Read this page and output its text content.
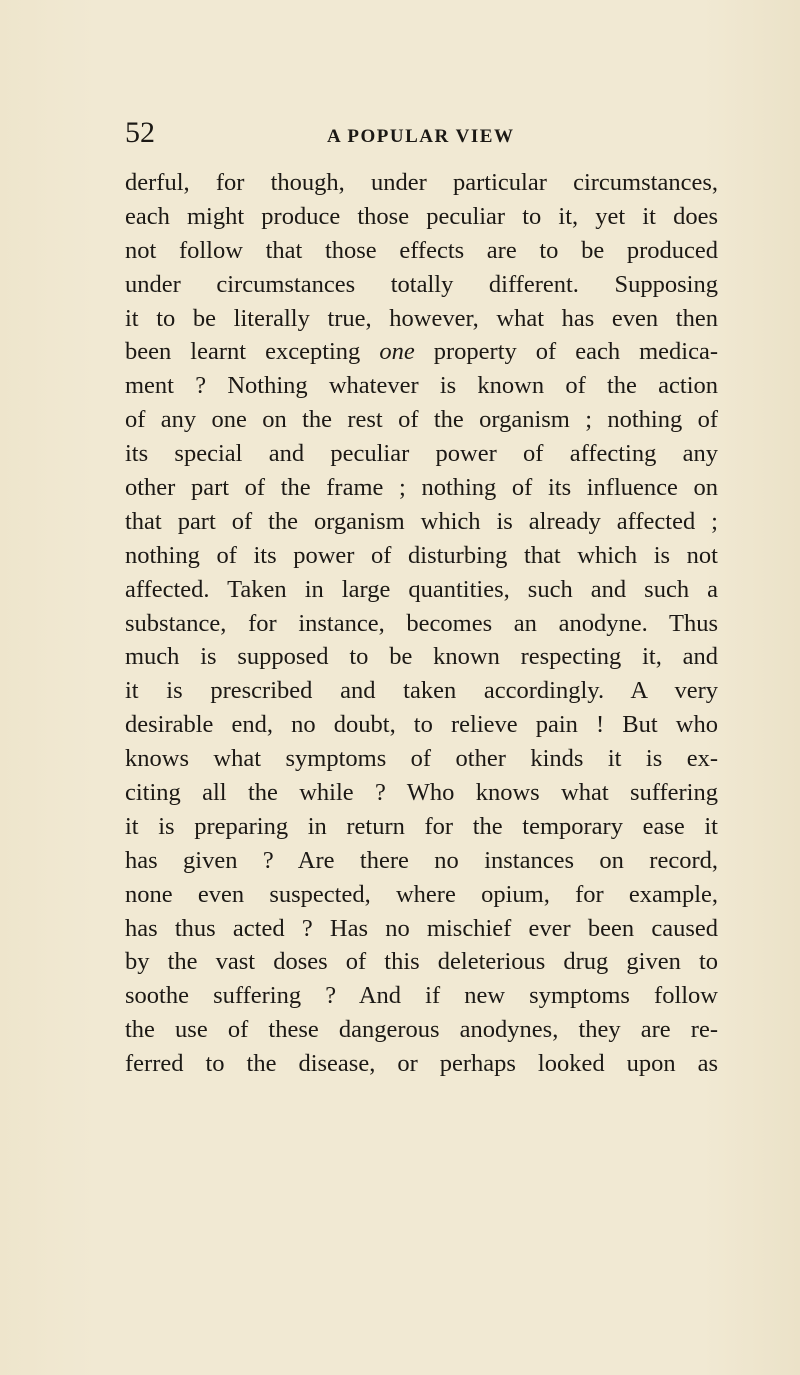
52	A POPULAR VIEW
derful, for though, under particular circumstances,
each might produce those peculiar to it, yet it does
not follow that those effects are to be produced
under circumstances totally different. Supposing
it to be literally true, however, what has even then
been learnt excepting one property of each medica-
ment ? Nothing whatever is known of the action
of any one on the rest of the organism ; nothing of
its special and peculiar power of affecting any
other part of the frame ; nothing of its influence on
that part of the organism which is already affected ;
nothing of its power of disturbing that which is not
affected. Taken in large quantities, such and such a
substance, for instance, becomes an anodyne. Thus
much is supposed to be known respecting it, and
it is prescribed and taken accordingly. A very
desirable end, no doubt, to relieve pain ! But who
knows what symptoms of other kinds it is ex-
citing all the while ? Who knows what suffering
it is preparing in return for the temporary ease it
has given ? Are there no instances on record,
none even suspected, where opium, for example,
has thus acted ? Has no mischief ever been caused
by the vast doses of this deleterious drug given to
soothe suffering ? And if new symptoms follow
the use of these dangerous anodynes, they are re-
ferred to the disease, or perhaps looked upon as
